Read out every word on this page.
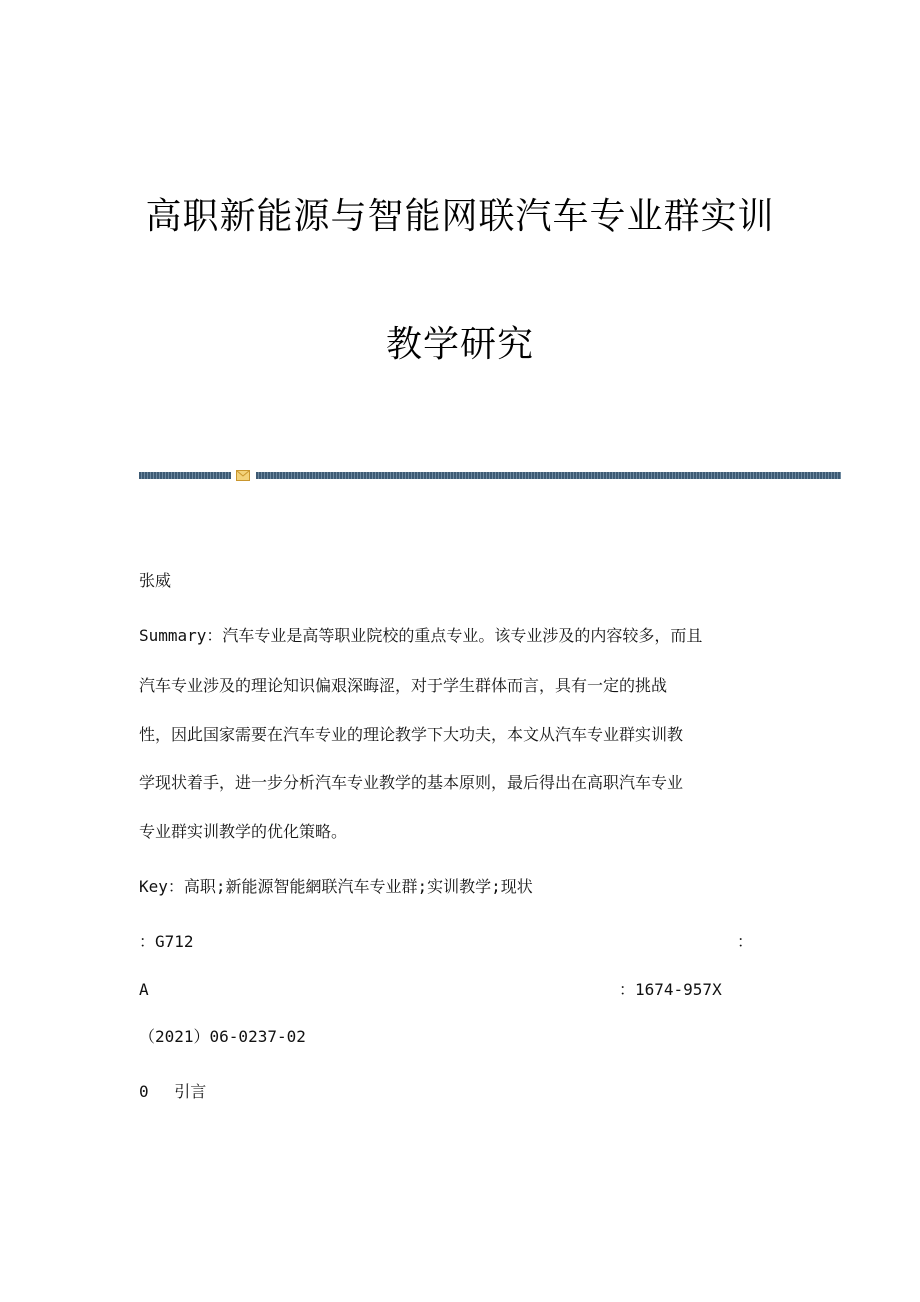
高职新能源与智能网联汽车专业群实训
教学研究

张威

Summary：汽车专业是高等职业院校的重点专业。该专业涉及的内容较多，而且

汽车专业涉及的理论知识偏艰深晦涩，对于学生群体而言，具有一定的挑战

性，因此国家需要在汽车专业的理论教学下大功夫，本文从汽车专业群实训教

学现状着手，进一步分析汽车专业教学的基本原则，最后得出在高职汽车专业

专业群实训教学的优化策略。

Key：高职;新能源智能網联汽车专业群;实训教学;现状

：G712	：
A	：1674-957X
（2021）06-0237-02

0　 引言
